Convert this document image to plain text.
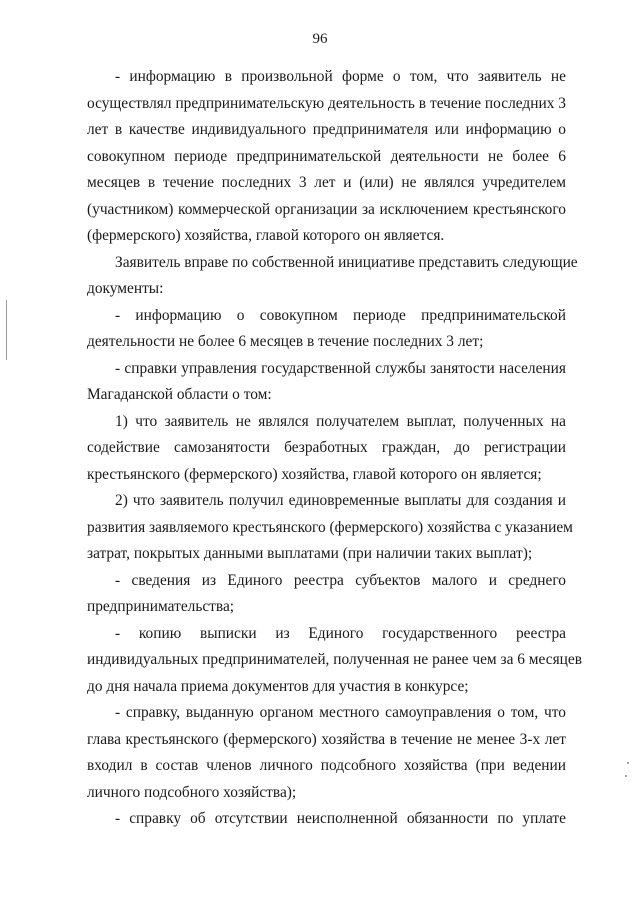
96

- информацию в произвольной форме о том, что заявитель не
осуществлял предпринимательскую деятельность в течение последних 3
лет в качестве индивидуального предпринимателя или информацию о
совокупном периоде предпринимательской деятельности не более 6
месяцев в течение последних 3 лет и (или) не являлся учредителем
(участником) коммерческой организации за исключением крестьянского
(фермерского) хозяйства, главой которого он является.

Заявитель вправе по собственной инициативе представить следующие
документы:

- информацию о совокупном периоде предпринимательской
деятельности не более 6 месяцев в течение последних 3 лет;

- справки управления государственной службы занятости населения
Магаданской области о том:

1) что заявитель не являлся получателем выплат, полученных на
содействие самозанятости безработных граждан, до регистрации
крестьянского (фермерского) хозяйства, главой которого он является;

2) что заявитель получил единовременные выплаты для создания и
развития заявляемого крестьянского (фермерского) хозяйства с указанием
затрат, покрытых данными выплатами (при наличии таких выплат);

- сведения из Единого реестра субъектов малого и среднего
предпринимательства;

- копию выписки из Единого государственного реестра
индивидуальных предпринимателей, полученная не ранее чем за 6 месяцев
до дня начала приема документов для участия в конкурсе;

- справку, выданную органом местного самоуправления о том, что
глава крестьянского (фермерского) хозяйства в течение не менее 3-х лет
входил в состав членов личного подсобного хозяйства (при ведении
личного подсобного хозяйства);

- справку об отсутствии неисполненной обязанности по уплате
